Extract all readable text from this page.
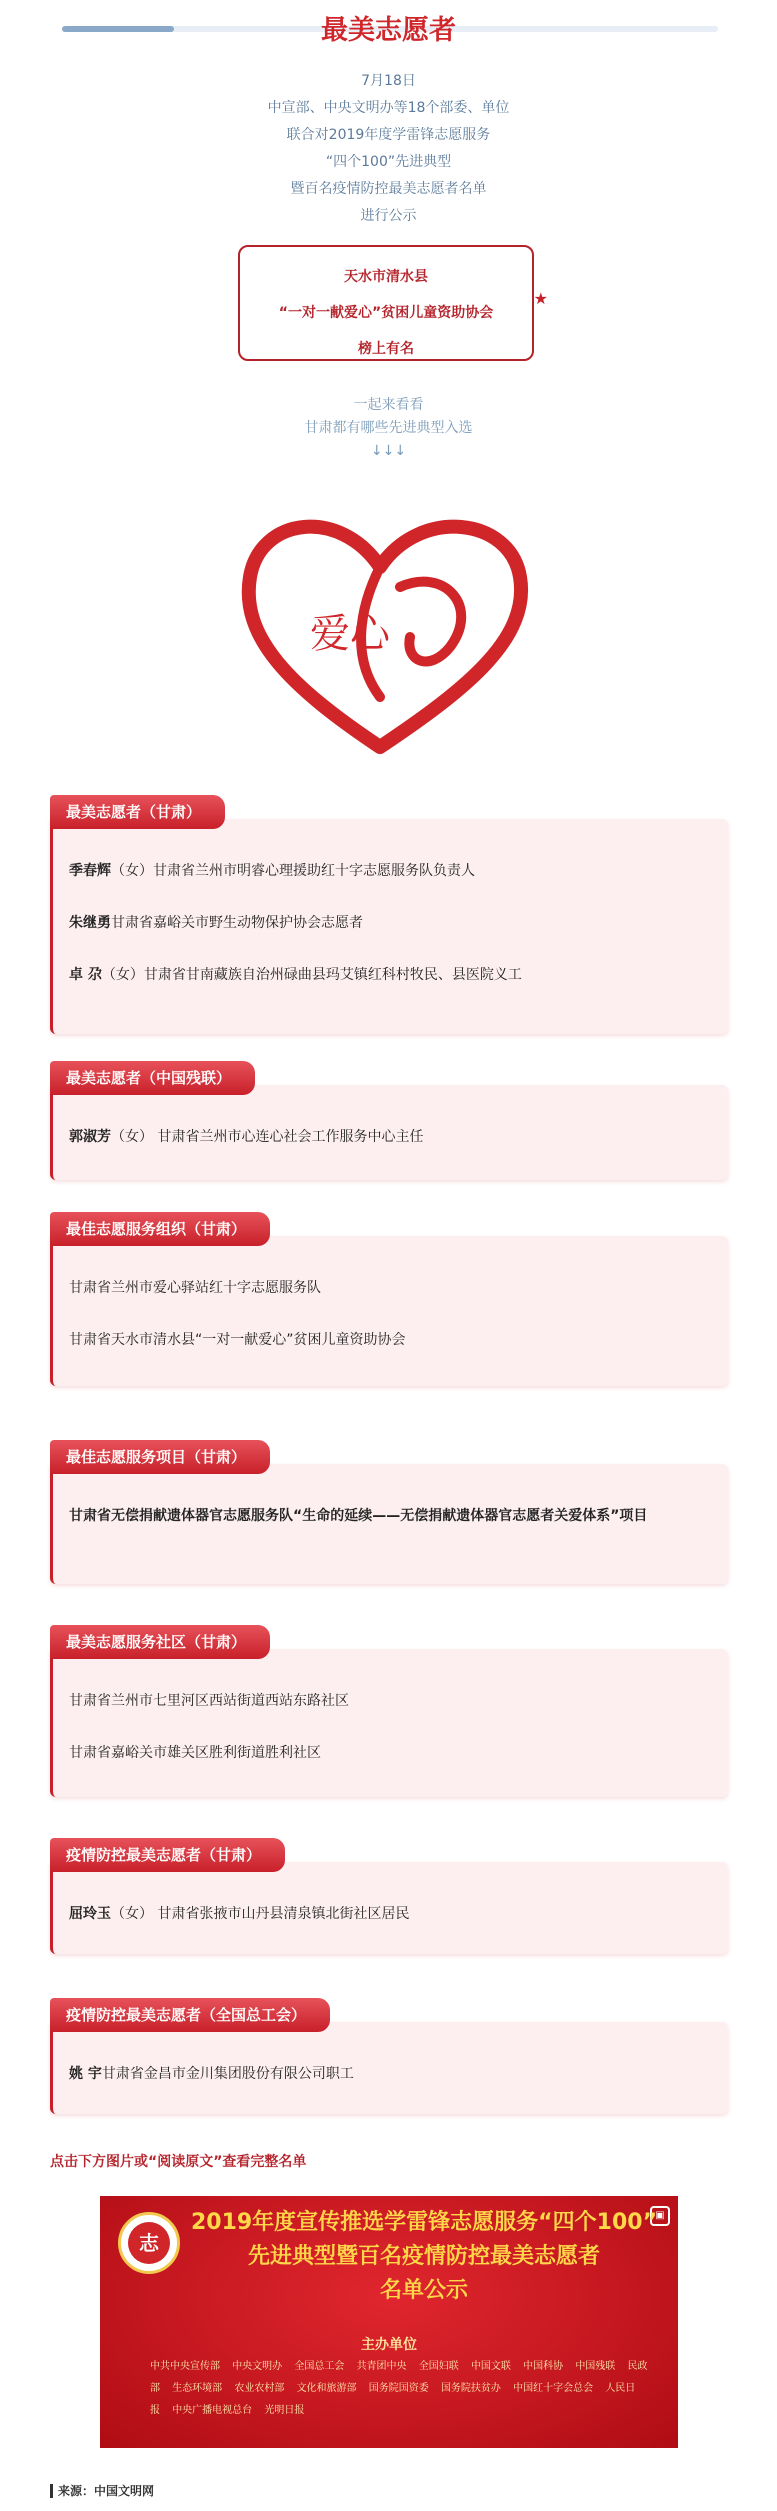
最美志愿者

7月18日

中宣部、中央文明办等18个部委、单位

联合对2019年度学雷锋志愿服务

“四个100”先进典型

暨百名疫情防控最美志愿者名单

进行公示

天水市清水县

“一对一献爱心”贫困儿童资助协会

榜上有名

★

一起来看看

甘肃都有哪些先进典型入选

↓↓↓

爱心
最美志愿者（甘肃）
季春辉（女）甘肃省兰州市明睿心理援助红十字志愿服务队负责人
朱继勇甘肃省嘉峪关市野生动物保护协会志愿者
卓 尕（女）甘肃省甘南藏族自治州碌曲县玛艾镇红科村牧民、县医院义工
最美志愿者（中国残联）
郭淑芳（女） 甘肃省兰州市心连心社会工作服务中心主任
最佳志愿服务组织（甘肃）
甘肃省兰州市爱心驿站红十字志愿服务队
甘肃省天水市清水县“一对一献爱心”贫困儿童资助协会
最佳志愿服务项目（甘肃）
甘肃省无偿捐献遗体器官志愿服务队“生命的延续——无偿捐献遗体器官志愿者关爱体系”项目
最美志愿服务社区（甘肃）
甘肃省兰州市七里河区西站街道西站东路社区
甘肃省嘉峪关市雄关区胜利街道胜利社区
疫情防控最美志愿者（甘肃）
屈玲玉（女） 甘肃省张掖市山丹县清泉镇北街社区居民
疫情防控最美志愿者（全国总工会）
姚 宇甘肃省金昌市金川集团股份有限公司职工
点击下方图片或“阅读原文”查看完整名单
志
▣
2019年度宣传推选学雷锋志愿服务“四个100”
先进典型暨百名疫情防控最美志愿者
名单公示
主办单位
中共中央宣传部 中央文明办 全国总工会 共青团中央 全国妇联 中国文联 中国科协 中国残联 民政部 生态环境部 农业农村部 文化和旅游部 国务院国资委 国务院扶贫办 中国红十字会总会 人民日报 中央广播电视总台 光明日报
来源：中国文明网
